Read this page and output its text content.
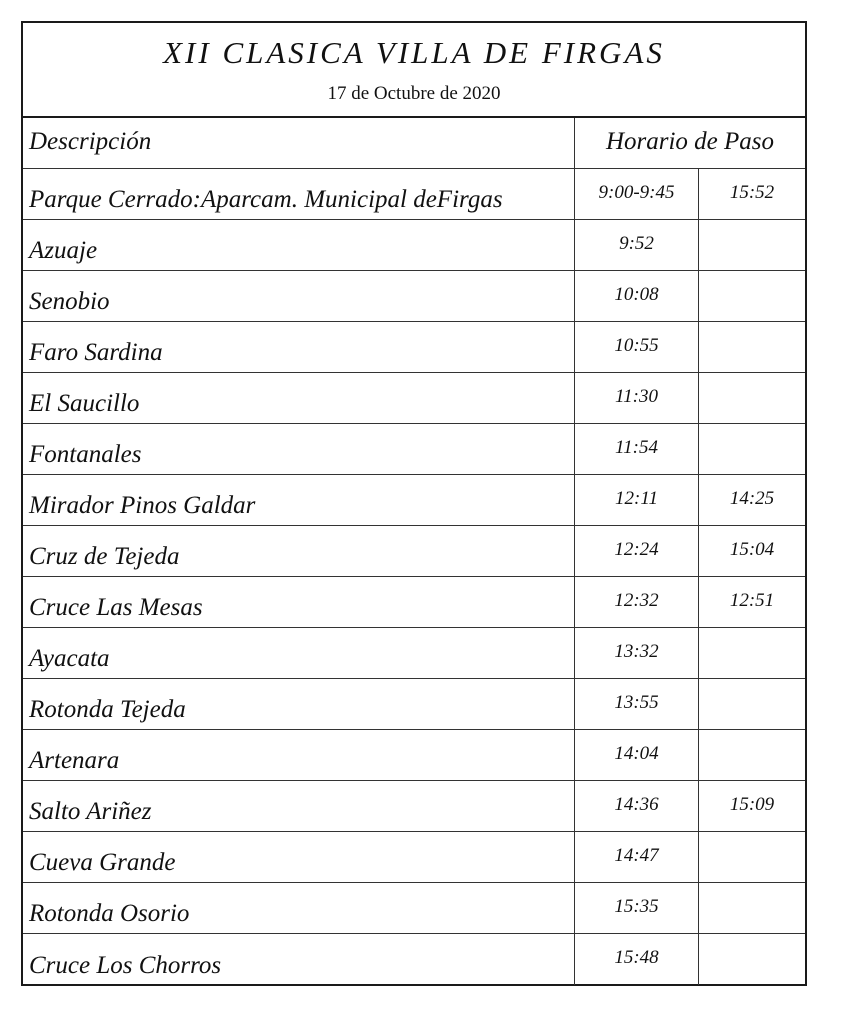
XII CLASICA VILLA DE FIRGAS
17 de Octubre de 2020
Descripción	Horario de Paso
Parque Cerrado:Aparcam. Municipal deFirgas	9:00-9:45	15:52
Azuaje	9:52
Senobio	10:08
Faro Sardina	10:55
El Saucillo	11:30
Fontanales	11:54
Mirador Pinos Galdar	12:11	14:25
Cruz de Tejeda	12:24	15:04
Cruce Las Mesas	12:32	12:51
Ayacata	13:32
Rotonda Tejeda	13:55
Artenara	14:04
Salto Ariñez	14:36	15:09
Cueva Grande	14:47
Rotonda Osorio	15:35
Cruce Los Chorros	15:48
